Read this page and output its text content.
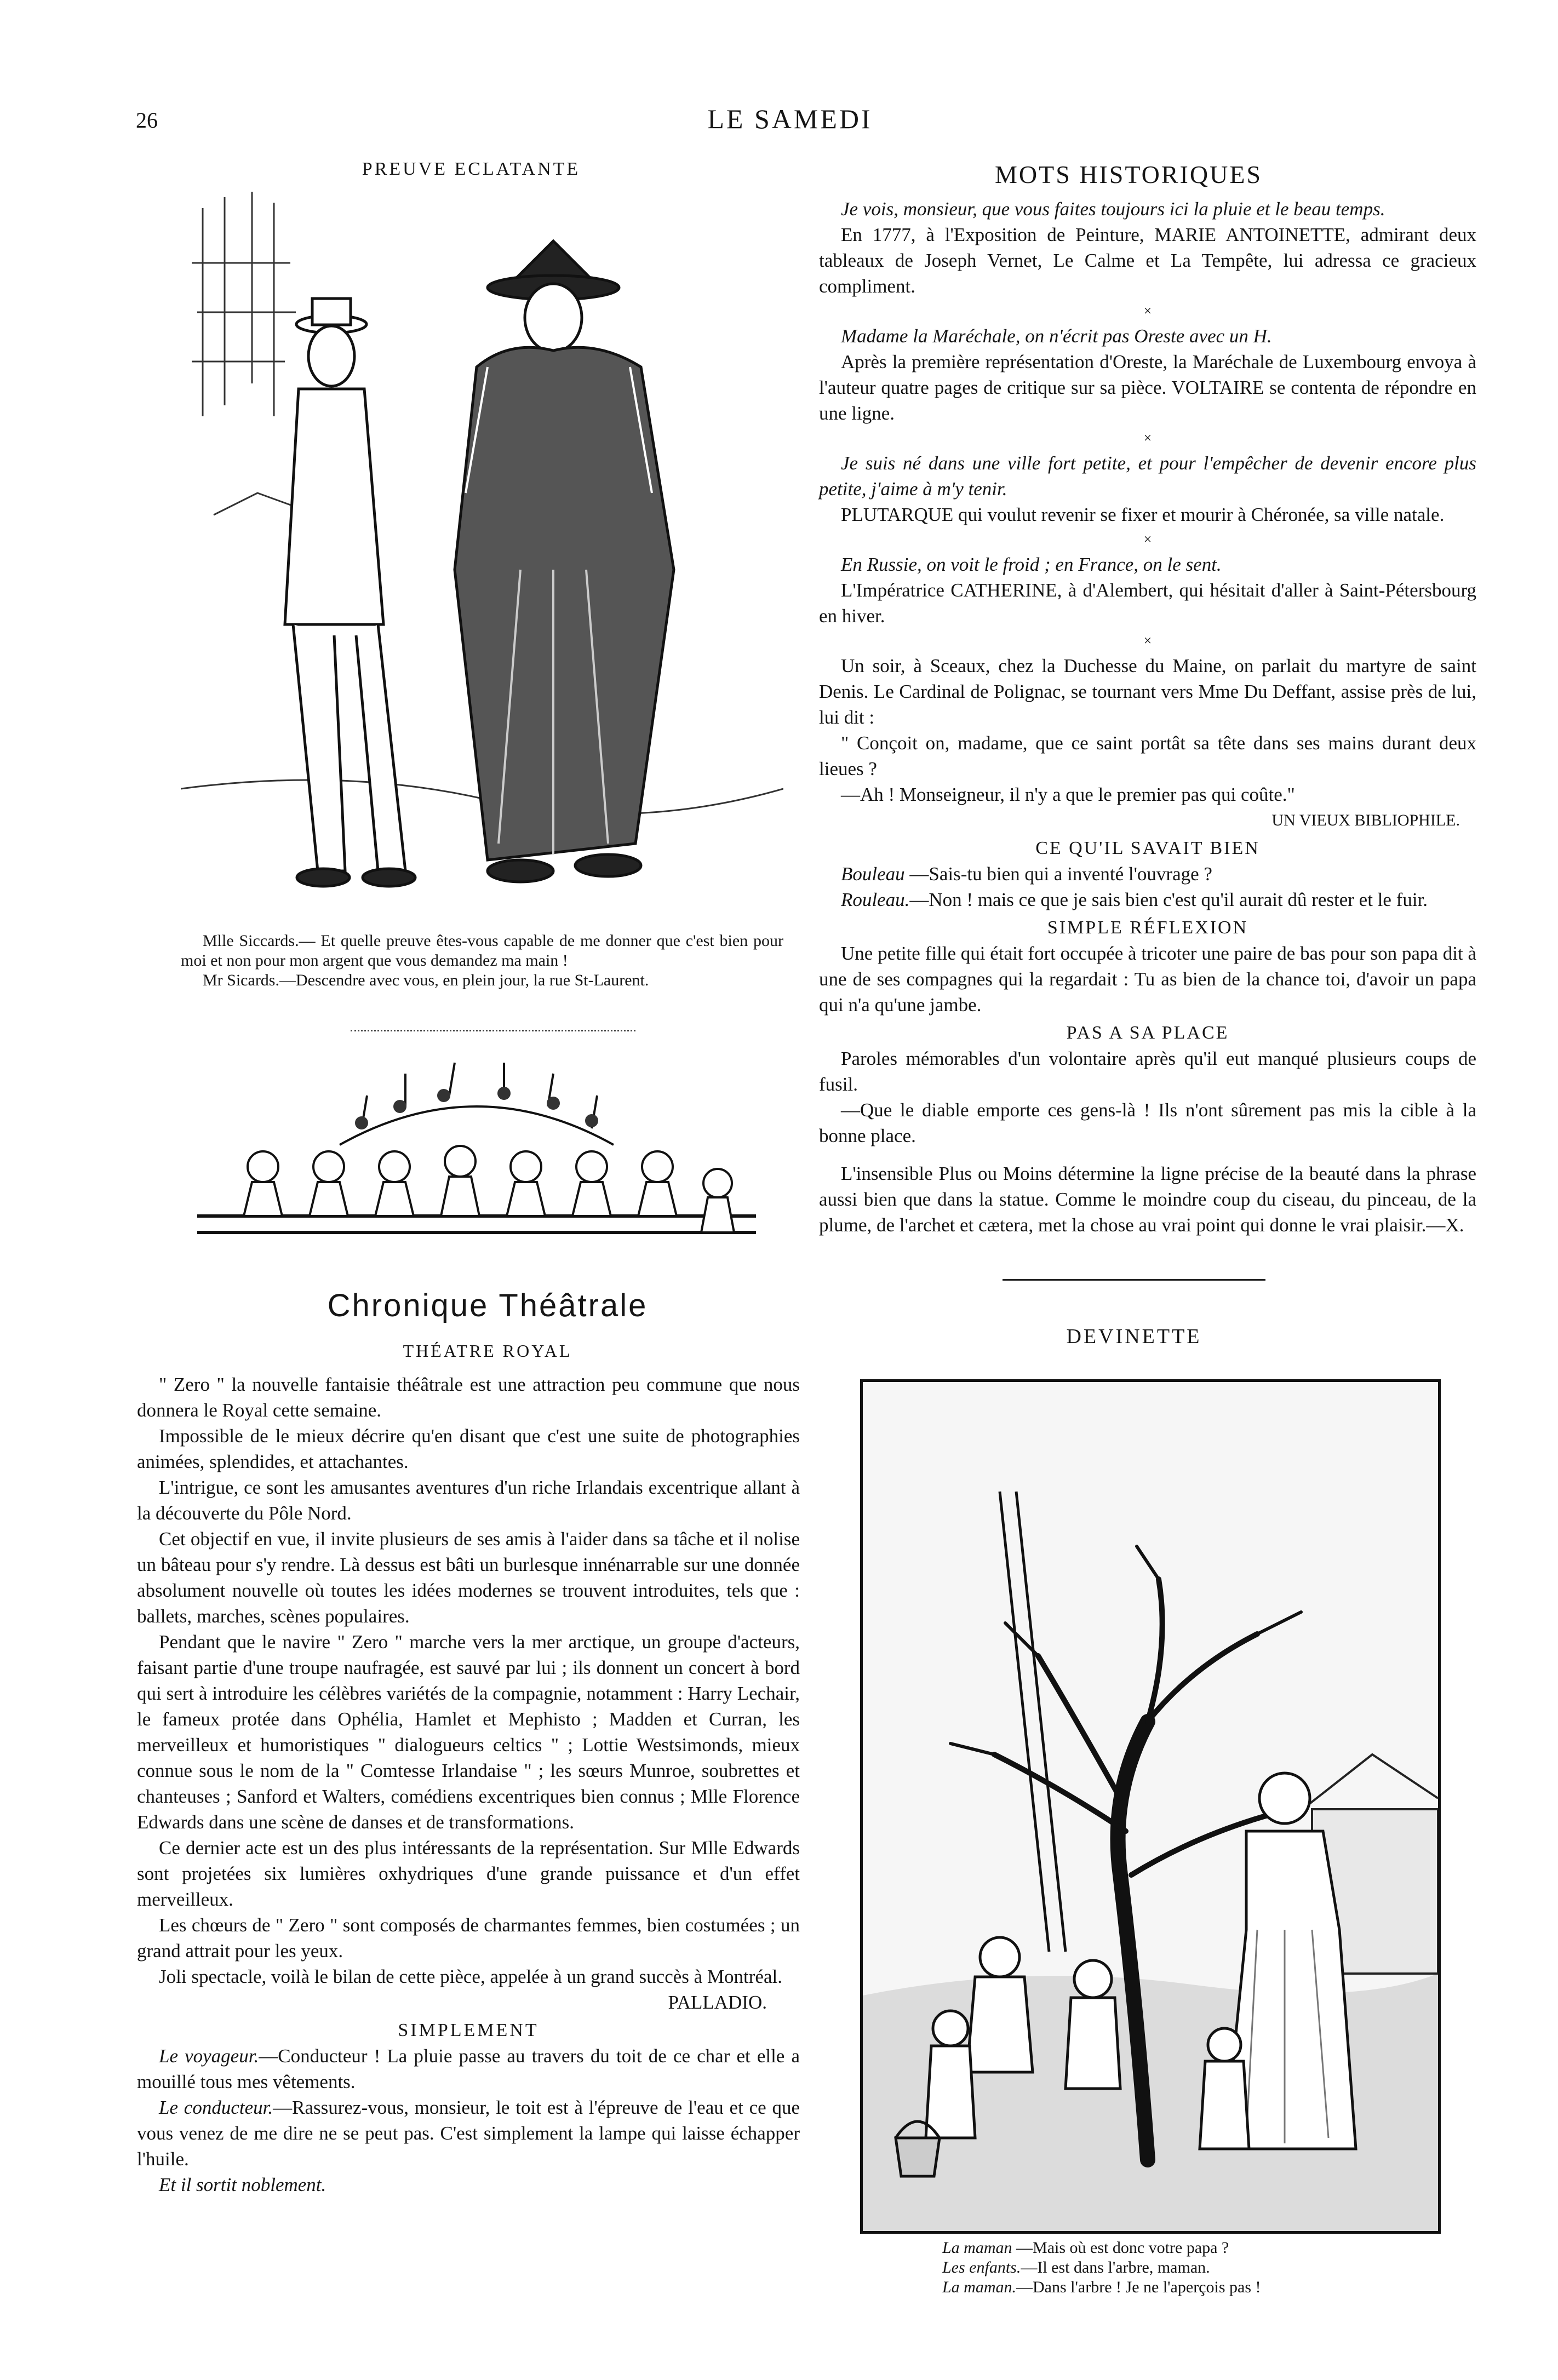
26	LE SAMEDI
PREUVE ECLATANTE

Mlle Siccards.— Et quelle preuve êtes-vous capable de me donner que c'est bien pour moi et non pour mon argent que vous demandez ma main !

Mr Sicards.—Descendre avec vous, en plein jour, la rue St-Laurent.

Chronique Théâtrale
THÉATRE ROYAL

" Zero " la nouvelle fantaisie théâtrale est une attraction peu commune que nous donnera le Royal cette semaine.

Impossible de le mieux décrire qu'en disant que c'est une suite de photographies animées, splendides, et attachantes.

L'intrigue, ce sont les amusantes aventures d'un riche Irlandais excentrique allant à la découverte du Pôle Nord.

Cet objectif en vue, il invite plusieurs de ses amis à l'aider dans sa tâche et il nolise un bâteau pour s'y rendre. Là dessus est bâti un burlesque innénarrable sur une donnée absolument nouvelle où toutes les idées modernes se trouvent introduites, tels que : ballets, marches, scènes populaires.

Pendant que le navire " Zero " marche vers la mer arctique, un groupe d'acteurs, faisant partie d'une troupe naufragée, est sauvé par lui ; ils donnent un concert à bord qui sert à introduire les célèbres variétés de la compagnie, notamment : Harry Lechair, le fameux protée dans Ophélia, Hamlet et Mephisto ; Madden et Curran, les merveilleux et humoristiques " dialogueurs celtics " ; Lottie Westsimonds, mieux connue sous le nom de la " Comtesse Irlandaise " ; les sœurs Munroe, soubrettes et chanteuses ; Sanford et Walters, comédiens excentriques bien connus ; Mlle Florence Edwards dans une scène de danses et de transformations.

Ce dernier acte est un des plus intéressants de la représentation. Sur Mlle Edwards sont projetées six lumières oxhydriques d'une grande puissance et d'un effet merveilleux.

Les chœurs de " Zero " sont composés de charmantes femmes, bien costumées ; un grand attrait pour les yeux.

Joli spectacle, voilà le bilan de cette pièce, appelée à un grand succès à Montréal.

PALLADIO.

SIMPLEMENT

Le voyageur.—Conducteur ! La pluie passe au travers du toit de ce char et elle a mouillé tous mes vêtements.

Le conducteur.—Rassurez-vous, monsieur, le toit est à l'épreuve de l'eau et ce que vous venez de me dire ne se peut pas. C'est simplement la lampe qui laisse échapper l'huile.

Et il sortit noblement.

MOTS HISTORIQUES

Je vois, monsieur, que vous faites toujours ici la pluie et le beau temps.

En 1777, à l'Exposition de Peinture, MARIE ANTOINETTE, admirant deux tableaux de Joseph Vernet, Le Calme et La Tempête, lui adressa ce gracieux compliment.

×

Madame la Maréchale, on n'écrit pas Oreste avec un H.

Après la première représentation d'Oreste, la Maréchale de Luxembourg envoya à l'auteur quatre pages de critique sur sa pièce. VOLTAIRE se contenta de répondre en une ligne.

×

Je suis né dans une ville fort petite, et pour l'empêcher de devenir encore plus petite, j'aime à m'y tenir.

PLUTARQUE qui voulut revenir se fixer et mourir à Chéronée, sa ville natale.

×

En Russie, on voit le froid ; en France, on le sent.

L'Impératrice CATHERINE, à d'Alembert, qui hésitait d'aller à Saint-Pétersbourg en hiver.

×

Un soir, à Sceaux, chez la Duchesse du Maine, on parlait du martyre de saint Denis. Le Cardinal de Polignac, se tournant vers Mme Du Deffant, assise près de lui, lui dit :

" Conçoit on, madame, que ce saint portât sa tête dans ses mains durant deux lieues ?

—Ah ! Monseigneur, il n'y a que le premier pas qui coûte."

UN VIEUX BIBLIOPHILE.

CE QU'IL SAVAIT BIEN

Bouleau —Sais-tu bien qui a inventé l'ouvrage ?

Rouleau.—Non ! mais ce que je sais bien c'est qu'il aurait dû rester et le fuir.

SIMPLE RÉFLEXION

Une petite fille qui était fort occupée à tricoter une paire de bas pour son papa dit à une de ses compagnes qui la regardait : Tu as bien de la chance toi, d'avoir un papa qui n'a qu'une jambe.

PAS A SA PLACE

Paroles mémorables d'un volontaire après qu'il eut manqué plusieurs coups de fusil.

—Que le diable emporte ces gens-là ! Ils n'ont sûrement pas mis la cible à la bonne place.

L'insensible Plus ou Moins détermine la ligne précise de la beauté dans la phrase aussi bien que dans la statue. Comme le moindre coup du ciseau, du pinceau, de la plume, de l'archet et cætera, met la chose au vrai point qui donne le vrai plaisir.—X.

DEVINETTE

La maman —Mais où est donc votre papa ?

Les enfants.—Il est dans l'arbre, maman.

La maman.—Dans l'arbre ! Je ne l'aperçois pas !
